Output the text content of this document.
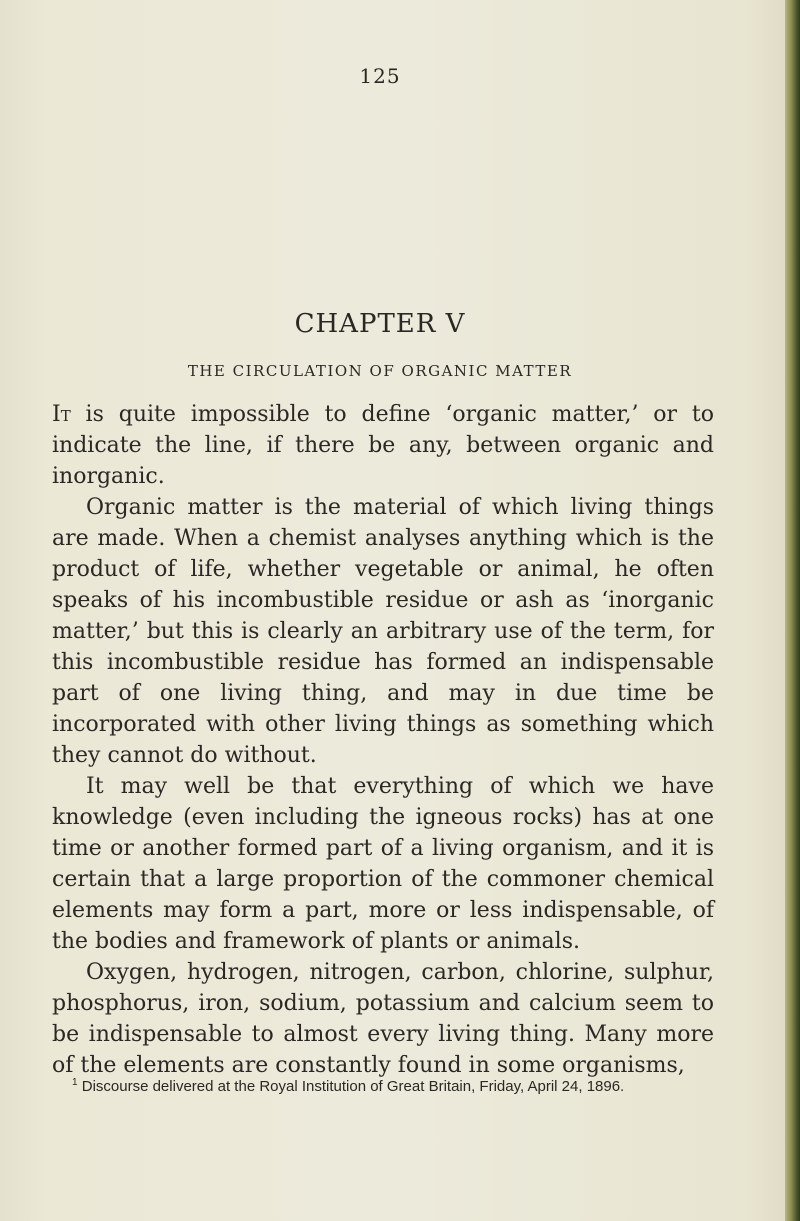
125
CHAPTER V
THE CIRCULATION OF ORGANIC MATTER

It is quite impossible to define ‘organic matter,’ or to indicate the line, if there be any, between organic and inorganic.

Organic matter is the material of which living things are made. When a chemist analyses anything which is the product of life, whether vegetable or animal, he often speaks of his incombustible residue or ash as ‘inorganic matter,’ but this is clearly an arbitrary use of the term, for this incombustible residue has formed an indispensable part of one living thing, and may in due time be incorporated with other living things as something which they cannot do without.

It may well be that everything of which we have knowledge (even including the igneous rocks) has at one time or another formed part of a living organism, and it is certain that a large proportion of the commoner chemical elements may form a part, more or less indispensable, of the bodies and framework of plants or animals.

Oxygen, hydrogen, nitrogen, carbon, chlorine, sulphur, phosphorus, iron, sodium, potassium and calcium seem to be indispensable to almost every living thing. Many more of the elements are constantly found in some organisms,

$^1$ Discourse delivered at the Royal Institution of Great Britain, Friday, April 24, 1896.
